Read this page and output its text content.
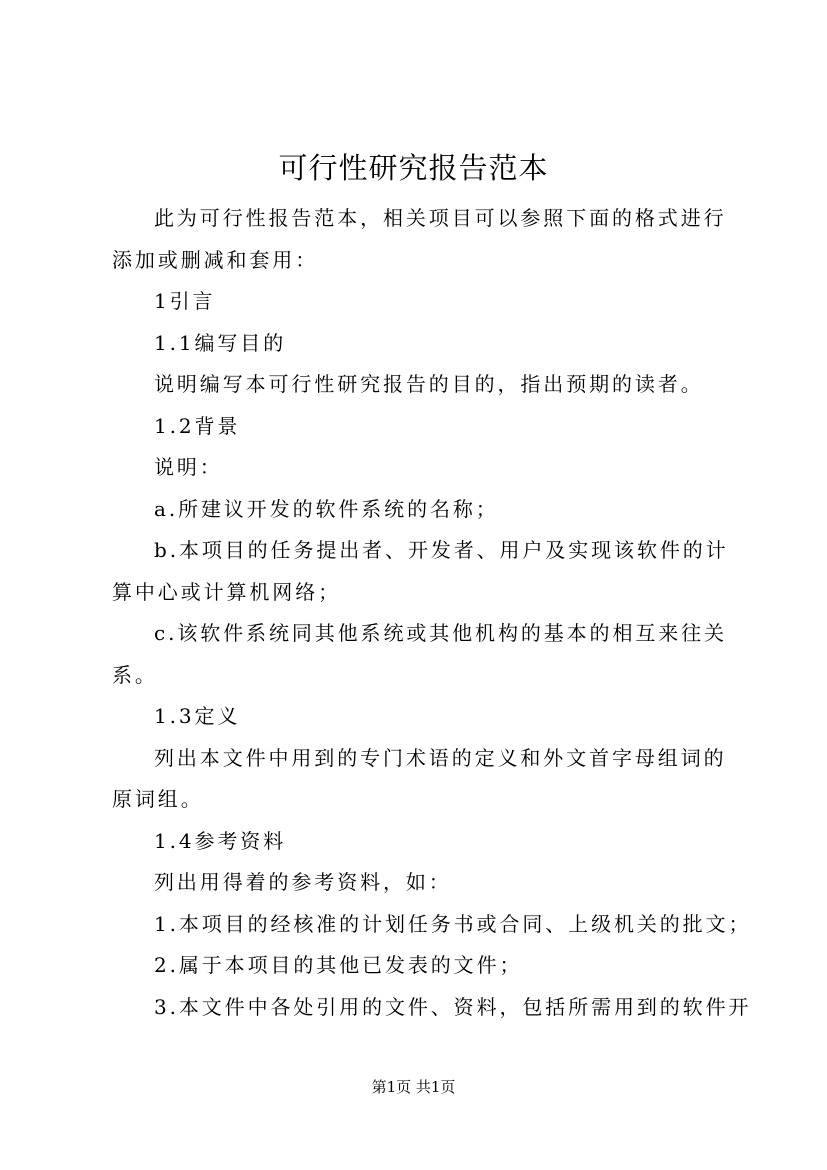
可行性研究报告范本

此为可行性报告范本，相关项目可以参照下面的格式进行添加或删减和套用：

1引言

1.1编写目的

说明编写本可行性研究报告的目的，指出预期的读者。

1.2背景

说明：

a.所建议开发的软件系统的名称；

b.本项目的任务提出者、开发者、用户及实现该软件的计算中心或计算机网络；

c.该软件系统同其他系统或其他机构的基本的相互来往关系。

1.3定义

列出本文件中用到的专门术语的定义和外文首字母组词的原词组。

1.4参考资料

列出用得着的参考资料，如：

1.本项目的经核准的计划任务书或合同、上级机关的批文；

2.属于本项目的其他已发表的文件；

3.本文件中各处引用的文件、资料，包括所需用到的软件开

第1页 共1页
